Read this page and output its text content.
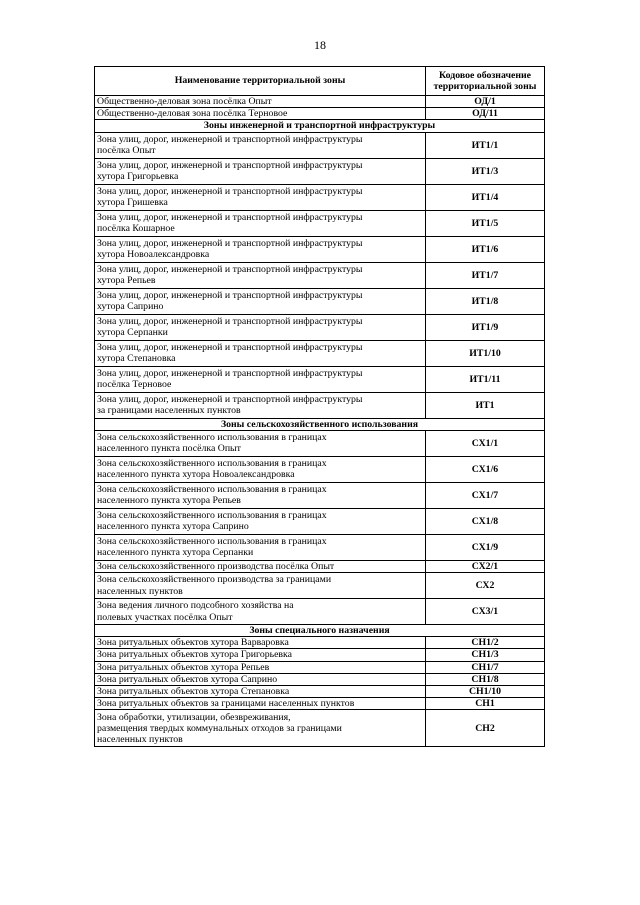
18
Наименование территориальной зоны	Кодовое обозначение
территориальной зоны

Общественно-деловая зона посёлка Опыт	ОД/1

Общественно-деловая зона посёлка Терновое	ОД/11
Зоны инженерной и транспортной инфраструктуры	

Зона улиц, дорог, инженерной и транспортной инфраструктуры
посёлка Опыт	ИТ1/1

Зона улиц, дорог, инженерной и транспортной инфраструктуры
хутора Григорьевка	ИТ1/3

Зона улиц, дорог, инженерной и транспортной инфраструктуры
хутора Гришевка	ИТ1/4

Зона улиц, дорог, инженерной и транспортной инфраструктуры
посёлка Кошарное	ИТ1/5

Зона улиц, дорог, инженерной и транспортной инфраструктуры
хутора Новоалександровка	ИТ1/6

Зона улиц, дорог, инженерной и транспортной инфраструктуры
хутора Репьев	ИТ1/7

Зона улиц, дорог, инженерной и транспортной инфраструктуры
хутора Саприно	ИТ1/8

Зона улиц, дорог, инженерной и транспортной инфраструктуры
хутора Серпанки	ИТ1/9

Зона улиц, дорог, инженерной и транспортной инфраструктуры
хутора Степановка	ИТ1/10

Зона улиц, дорог, инженерной и транспортной инфраструктуры
посёлка Терновое	ИТ1/11

Зона улиц, дорог, инженерной и транспортной инфраструктуры
за границами населенных пунктов	ИТ1
Зоны сельскохозяйственного использования	

Зона сельскохозяйственного использования в границах
населенного пункта посёлка Опыт	СХ1/1

Зона сельскохозяйственного использования в границах
населенного пункта хутора Новоалександровка	СХ1/6

Зона сельскохозяйственного использования в границах
населенного пункта хутора Репьев	СХ1/7

Зона сельскохозяйственного использования в границах
населенного пункта хутора Саприно	СХ1/8

Зона сельскохозяйственного использования в границах
населенного пункта хутора Серпанки	СХ1/9

Зона сельскохозяйственного производства посёлка Опыт	СХ2/1

Зона сельскохозяйственного производства за границами
населенных пунктов	СХ2

Зона ведения личного подсобного хозяйства на
полевых участках посёлка Опыт	СХ3/1
Зоны специального назначения	

Зона ритуальных объектов хутора Варваровка	СН1/2

Зона ритуальных объектов хутора Григорьевка	СН1/3

Зона ритуальных объектов хутора Репьев	СН1/7

Зона ритуальных объектов хутора Саприно	СН1/8

Зона ритуальных объектов хутора Степановка	СН1/10

Зона ритуальных объектов за границами населенных пунктов	СН1

Зона обработки, утилизации, обезвреживания,
размещения твердых коммунальных отходов за границами
населенных пунктов	СН2
